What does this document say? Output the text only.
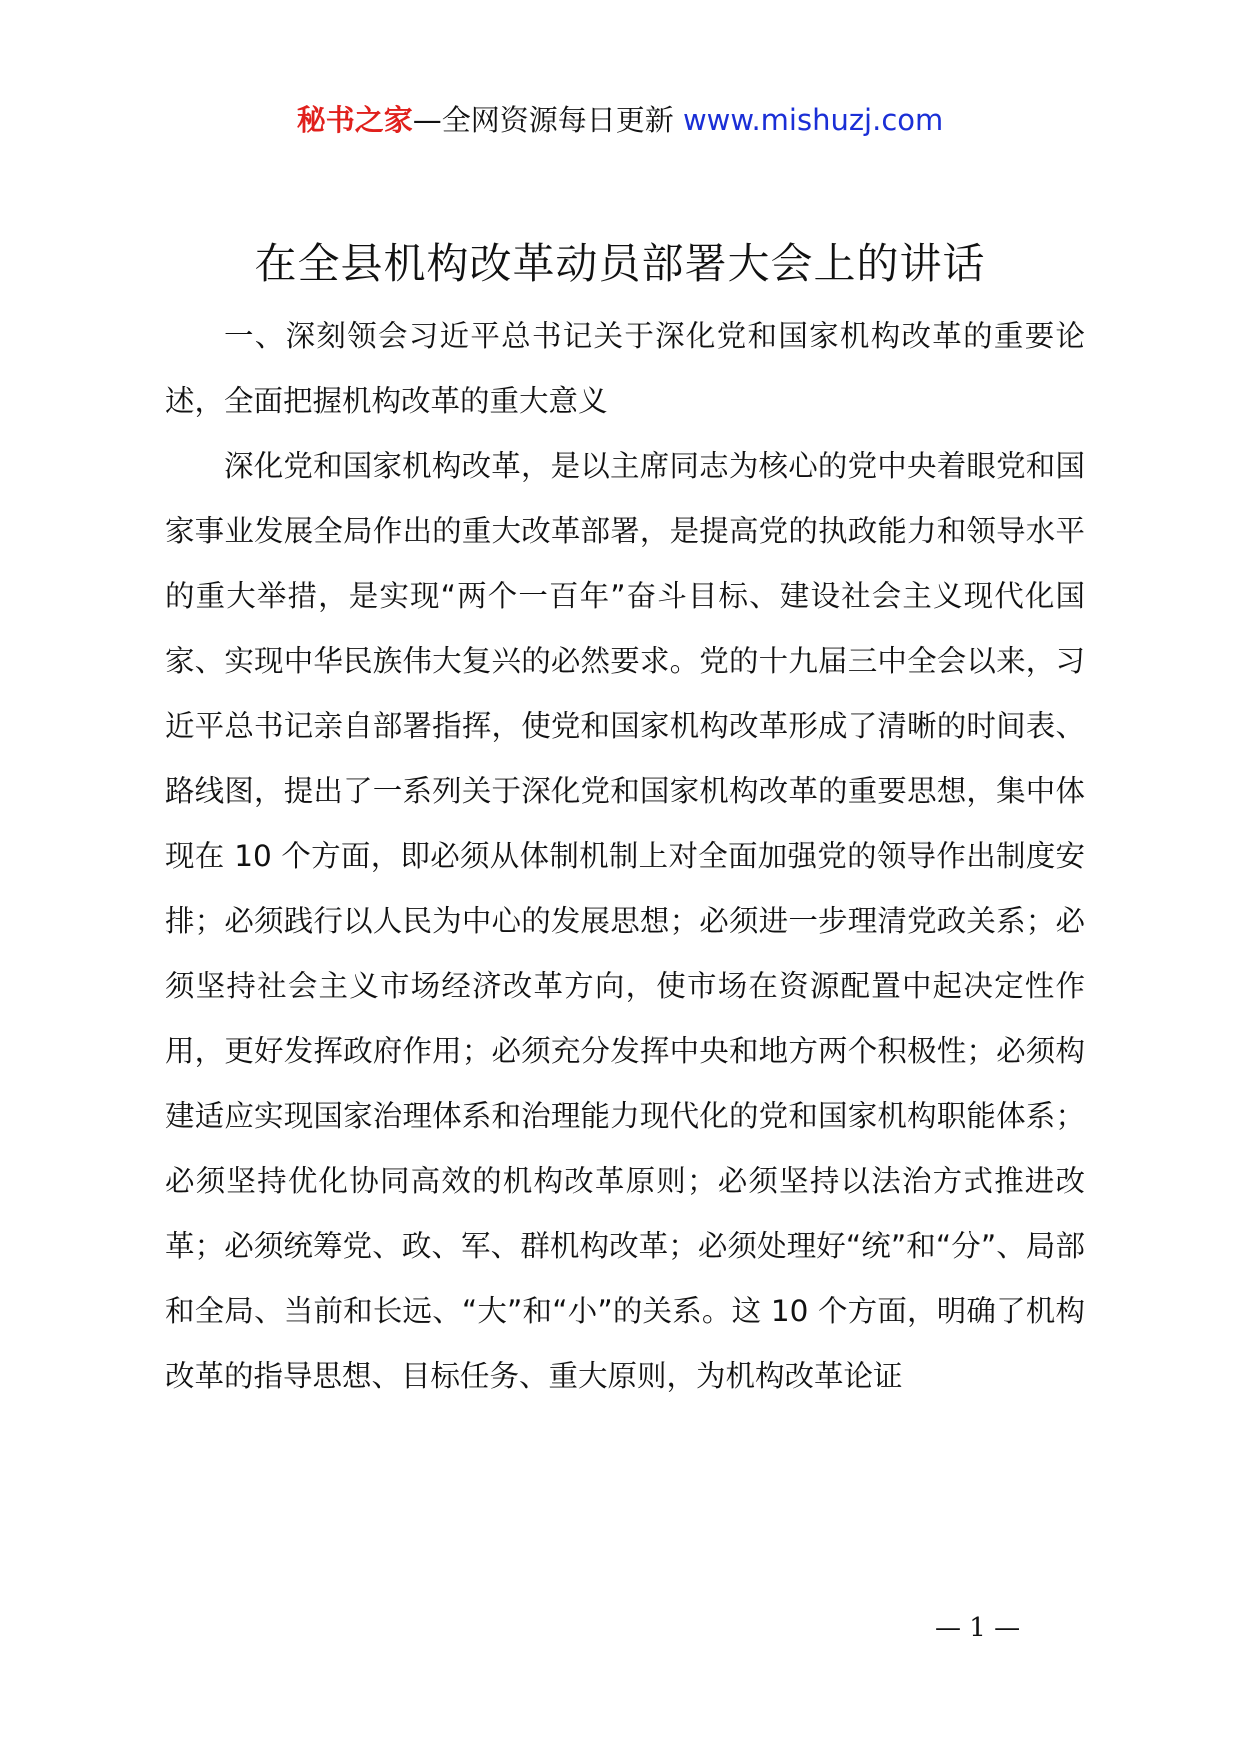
秘书之家—全网资源每日更新 www.mishuzj.com
在全县机构改革动员部署大会上的讲话

一、深刻领会习近平总书记关于深化党和国家机构改革的重要论述，全面把握机构改革的重大意义

深化党和国家机构改革，是以主席同志为核心的党中央着眼党和国家事业发展全局作出的重大改革部署，是提高党的执政能力和领导水平的重大举措，是实现“两个一百年”奋斗目标、建设社会主义现代化国家、实现中华民族伟大复兴的必然要求。党的十九届三中全会以来，习近平总书记亲自部署指挥，使党和国家机构改革形成了清晰的时间表、路线图，提出了一系列关于深化党和国家机构改革的重要思想，集中体现在 10 个方面，即必须从体制机制上对全面加强党的领导作出制度安排；必须践行以人民为中心的发展思想；必须进一步理清党政关系；必须坚持社会主义市场经济改革方向，使市场在资源配置中起决定性作用，更好发挥政府作用；必须充分发挥中央和地方两个积极性；必须构建适应实现国家治理体系和治理能力现代化的党和国家机构职能体系；必须坚持优化协同高效的机构改革原则；必须坚持以法治方式推进改革；必须统筹党、政、军、群机构改革；必须处理好“统”和“分”、局部和全局、当前和长远、“大”和“小”的关系。这 10 个方面，明确了机构改革的指导思想、目标任务、重大原则，为机构改革论证

— 1 —
